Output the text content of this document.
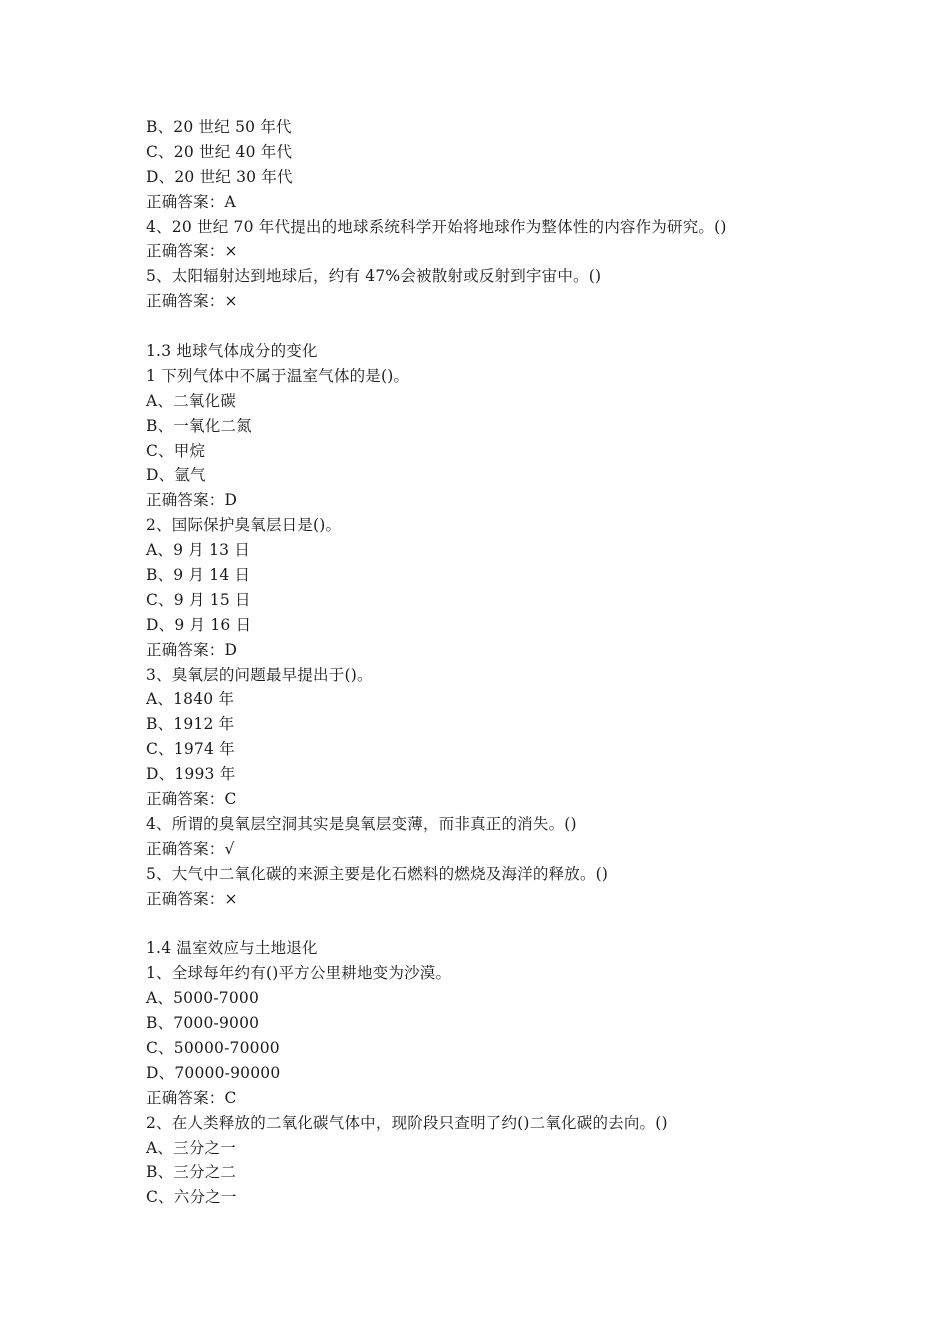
B、20 世纪 50 年代
C、20 世纪 40 年代
D、20 世纪 30 年代
正确答案：A
4、20 世纪 70 年代提出的地球系统科学开始将地球作为整体性的内容作为研究。()
正确答案：×
5、太阳辐射达到地球后，约有 47%会被散射或反射到宇宙中。()
正确答案：×
1.3 地球气体成分的变化
1 下列气体中不属于温室气体的是()。
A、二氧化碳
B、一氧化二氮
C、甲烷
D、氩气
正确答案：D
2、国际保护臭氧层日是()。
A、9 月 13 日
B、9 月 14 日
C、9 月 15 日
D、9 月 16 日
正确答案：D
3、臭氧层的问题最早提出于()。
A、1840 年
B、1912 年
C、1974 年
D、1993 年
正确答案：C
4、所谓的臭氧层空洞其实是臭氧层变薄，而非真正的消失。()
正确答案：√
5、大气中二氧化碳的来源主要是化石燃料的燃烧及海洋的释放。()
正确答案：×
1.4 温室效应与土地退化
1、全球每年约有()平方公里耕地变为沙漠。
A、5000-7000
B、7000-9000
C、50000-70000
D、70000-90000
正确答案：C
2、在人类释放的二氧化碳气体中，现阶段只查明了约()二氧化碳的去向。()
A、三分之一
B、三分之二
C、六分之一
